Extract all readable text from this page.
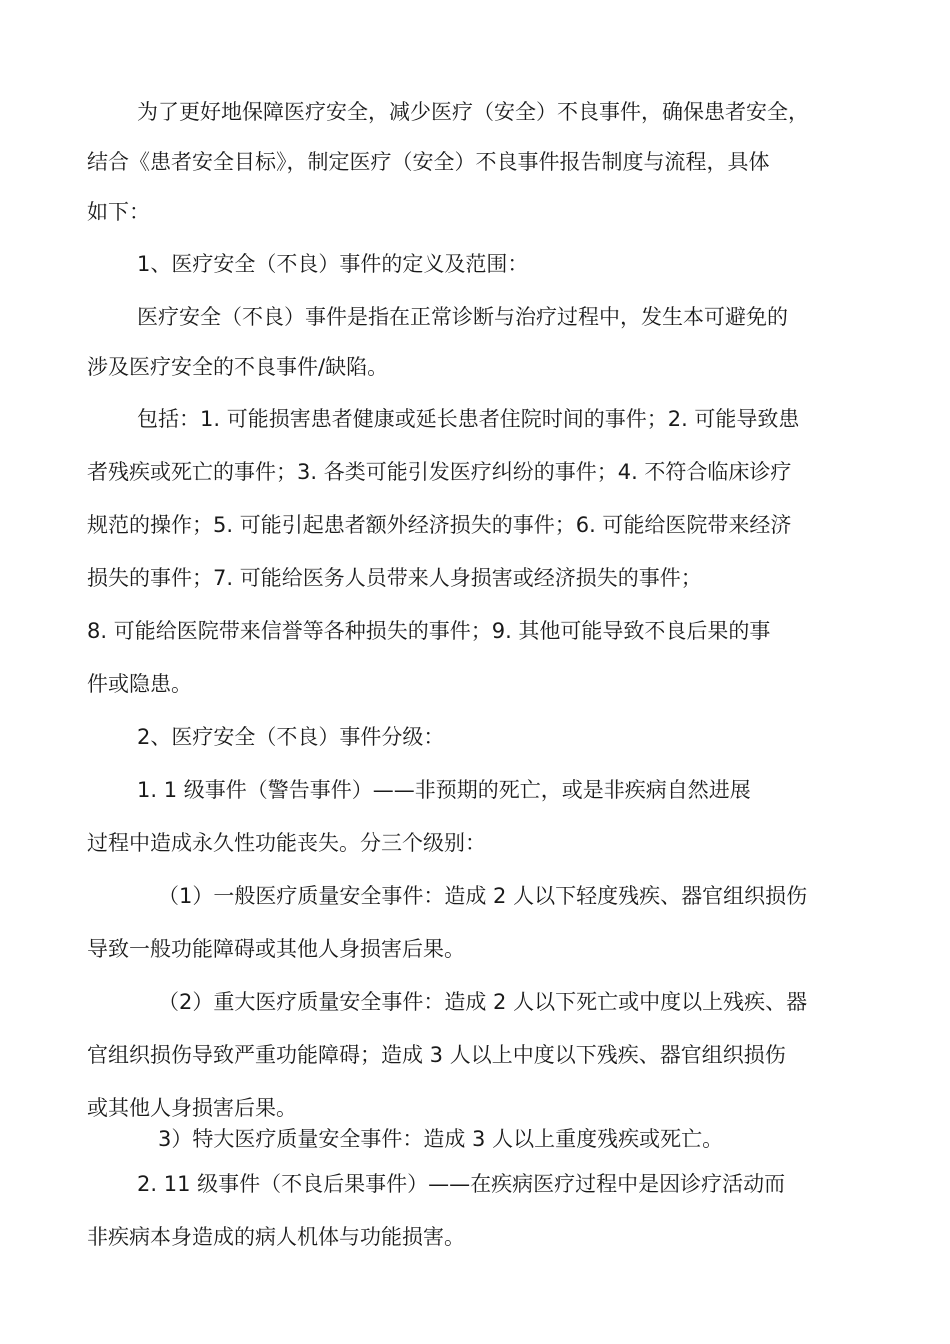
为了更好地保障医疗安全，减少医疗（安全）不良事件，确保患者安全，

结合《患者安全目标》，制定医疗（安全）不良事件报告制度与流程，具体

如下：

1、医疗安全（不良）事件的定义及范围：

医疗安全（不良）事件是指在正常诊断与治疗过程中，发生本可避免的

涉及医疗安全的不良事件/缺陷。

包括：1. 可能损害患者健康或延长患者住院时间的事件；2. 可能导致患

者残疾或死亡的事件；3. 各类可能引发医疗纠纷的事件；4. 不符合临床诊疗

规范的操作；5. 可能引起患者额外经济损失的事件；6. 可能给医院带来经济

损失的事件；7. 可能给医务人员带来人身损害或经济损失的事件；

8. 可能给医院带来信誉等各种损失的事件；9. 其他可能导致不良后果的事

件或隐患。

2、医疗安全（不良）事件分级：

1. 1 级事件（警告事件）——非预期的死亡，或是非疾病自然进展

过程中造成永久性功能丧失。分三个级别：

（1）一般医疗质量安全事件：造成 2 人以下轻度残疾、器官组织损伤

导致一般功能障碍或其他人身损害后果。

（2）重大医疗质量安全事件：造成 2 人以下死亡或中度以上残疾、器

官组织损伤导致严重功能障碍；造成 3 人以上中度以下残疾、器官组织损伤

或其他人身损害后果。

3）特大医疗质量安全事件：造成 3 人以上重度残疾或死亡。

2. 11 级事件（不良后果事件）——在疾病医疗过程中是因诊疗活动而

非疾病本身造成的病人机体与功能损害。
